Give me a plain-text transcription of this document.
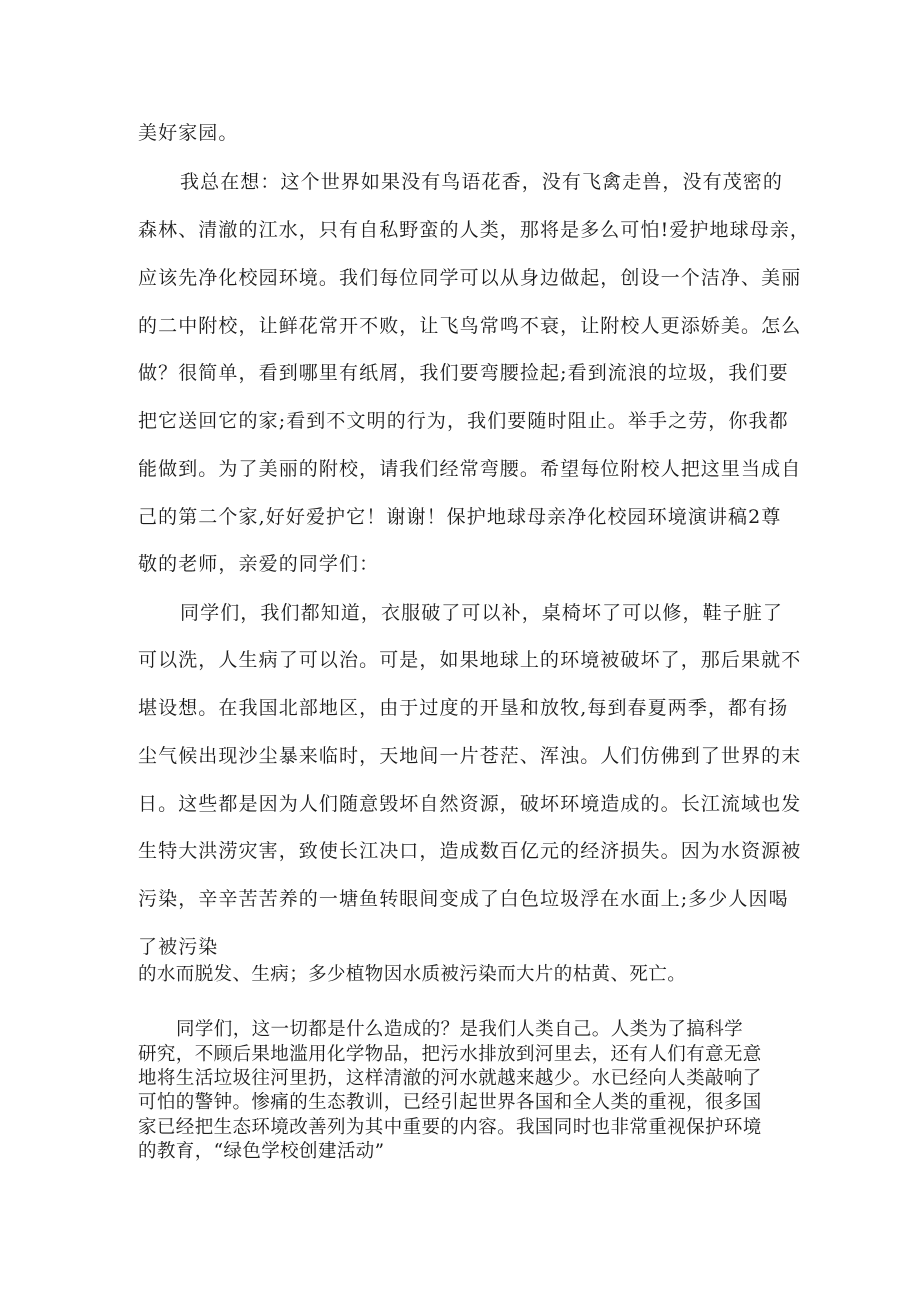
美好家园。

我总在想：这个世界如果没有鸟语花香，没有飞禽走兽，没有茂密的

森林、清澈的江水，只有自私野蛮的人类，那将是多么可怕!爱护地球母亲，

应该先净化校园环境。我们每位同学可以从身边做起，创设一个洁净、美丽

的二中附校，让鲜花常开不败，让飞鸟常鸣不衰，让附校人更添娇美。怎么

做？很简单，看到哪里有纸屑，我们要弯腰捡起;看到流浪的垃圾，我们要

把它送回它的家;看到不文明的行为，我们要随时阻止。举手之劳，你我都

能做到。为了美丽的附校，请我们经常弯腰。希望每位附校人把这里当成自

己的第二个家,好好爱护它！谢谢！保护地球母亲净化校园环境演讲稿2尊

敬的老师，亲爱的同学们：

同学们，我们都知道，衣服破了可以补，桌椅坏了可以修，鞋子脏了

可以洗，人生病了可以治。可是，如果地球上的环境被破坏了，那后果就不

堪设想。在我国北部地区，由于过度的开垦和放牧,每到春夏两季，都有扬

尘气候出现沙尘暴来临时，天地间一片苍茫、浑浊。人们仿佛到了世界的末

日。这些都是因为人们随意毁坏自然资源，破坏环境造成的。长江流域也发

生特大洪涝灾害，致使长江决口，造成数百亿元的经济损失。因为水资源被

污染，辛辛苦苦养的一塘鱼转眼间变成了白色垃圾浮在水面上;多少人因喝

了被污染

的水而脱发、生病；多少植物因水质被污染而大片的枯黄、死亡。

同学们，这一切都是什么造成的？是我们人类自己。人类为了搞科学

研究，不顾后果地滥用化学物品，把污水排放到河里去，还有人们有意无意

地将生活垃圾往河里扔，这样清澈的河水就越来越少。水已经向人类敲响了

可怕的警钟。惨痛的生态教训，已经引起世界各国和全人类的重视，很多国

家已经把生态环境改善列为其中重要的内容。我国同时也非常重视保护环境

的教育，“绿色学校创建活动”
